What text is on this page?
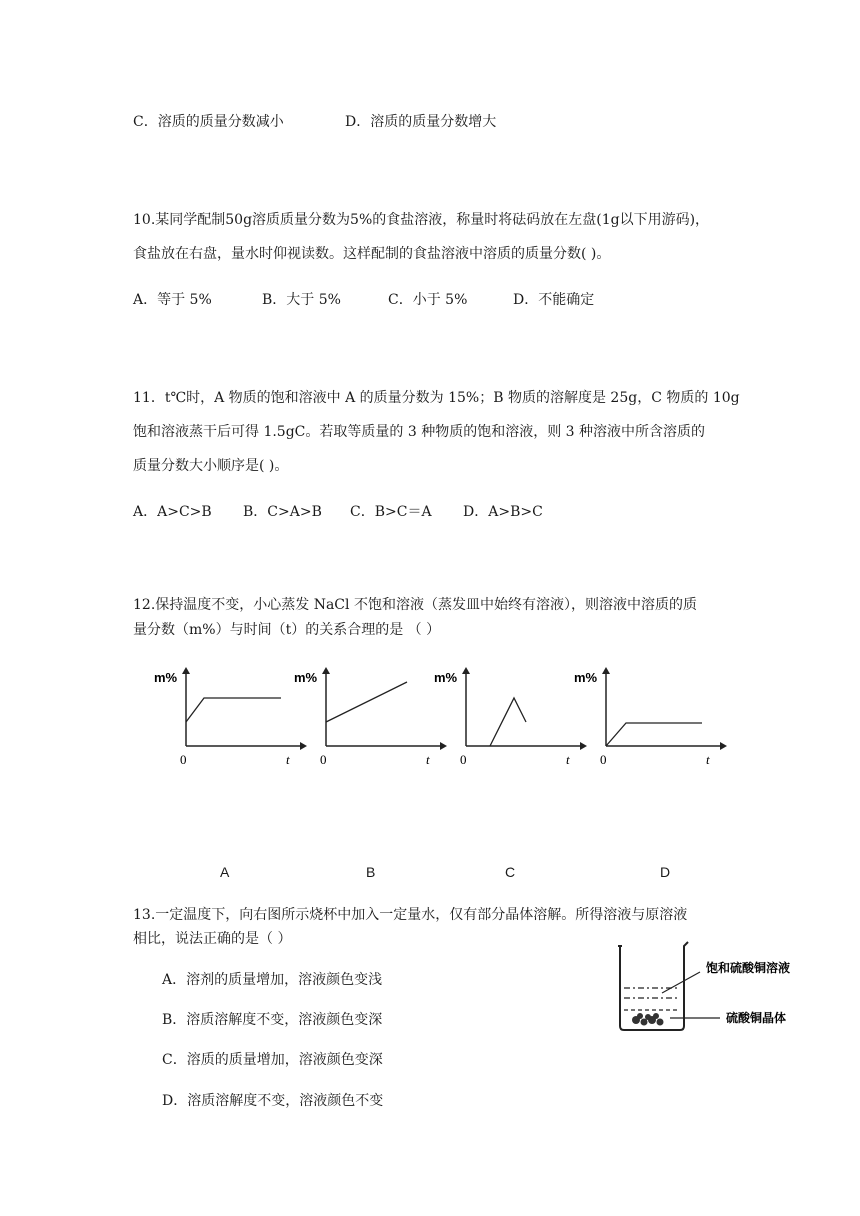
C．溶质的质量分数减小	D．溶质的质量分数增大
10.某同学配制50g溶质质量分数为5%的食盐溶液，称量时将砝码放在左盘(1g以下用游码)，
食盐放在右盘，量水时仰视读数。这样配制的食盐溶液中溶质的质量分数( )。
A．等于 5%	B．大于 5%	C．小于 5%	D．不能确定
11．t℃时，A 物质的饱和溶液中 A 的质量分数为 15%；B 物质的溶解度是 25g，C 物质的 10g
饱和溶液蒸干后可得 1.5gC。若取等质量的 3 种物质的饱和溶液，则 3 种溶液中所含溶质的
质量分数大小顺序是( )。
A．A>C>B B．C>A>B C．B>C＝A D．A>B>C
12.保持温度不变，小心蒸发 NaCl 不饱和溶液（蒸发皿中始终有溶液），则溶液中溶质的质
量分数（m%）与时间（t）的关系合理的是 （ ）
m%
0	t
m%
0	t
m%
0	t
m%
0	t
A	B	C	D
13.一定温度下，向右图所示烧杯中加入一定量水，仅有部分晶体溶解。所得溶液与原溶液
相比，说法正确的是（ ）
A．溶剂的质量增加，溶液颜色变浅
B．溶质溶解度不变，溶液颜色变深
C．溶质的质量增加，溶液颜色变深
D．溶质溶解度不变，溶液颜色不变
饱和硫酸铜溶液
硫酸铜晶体
